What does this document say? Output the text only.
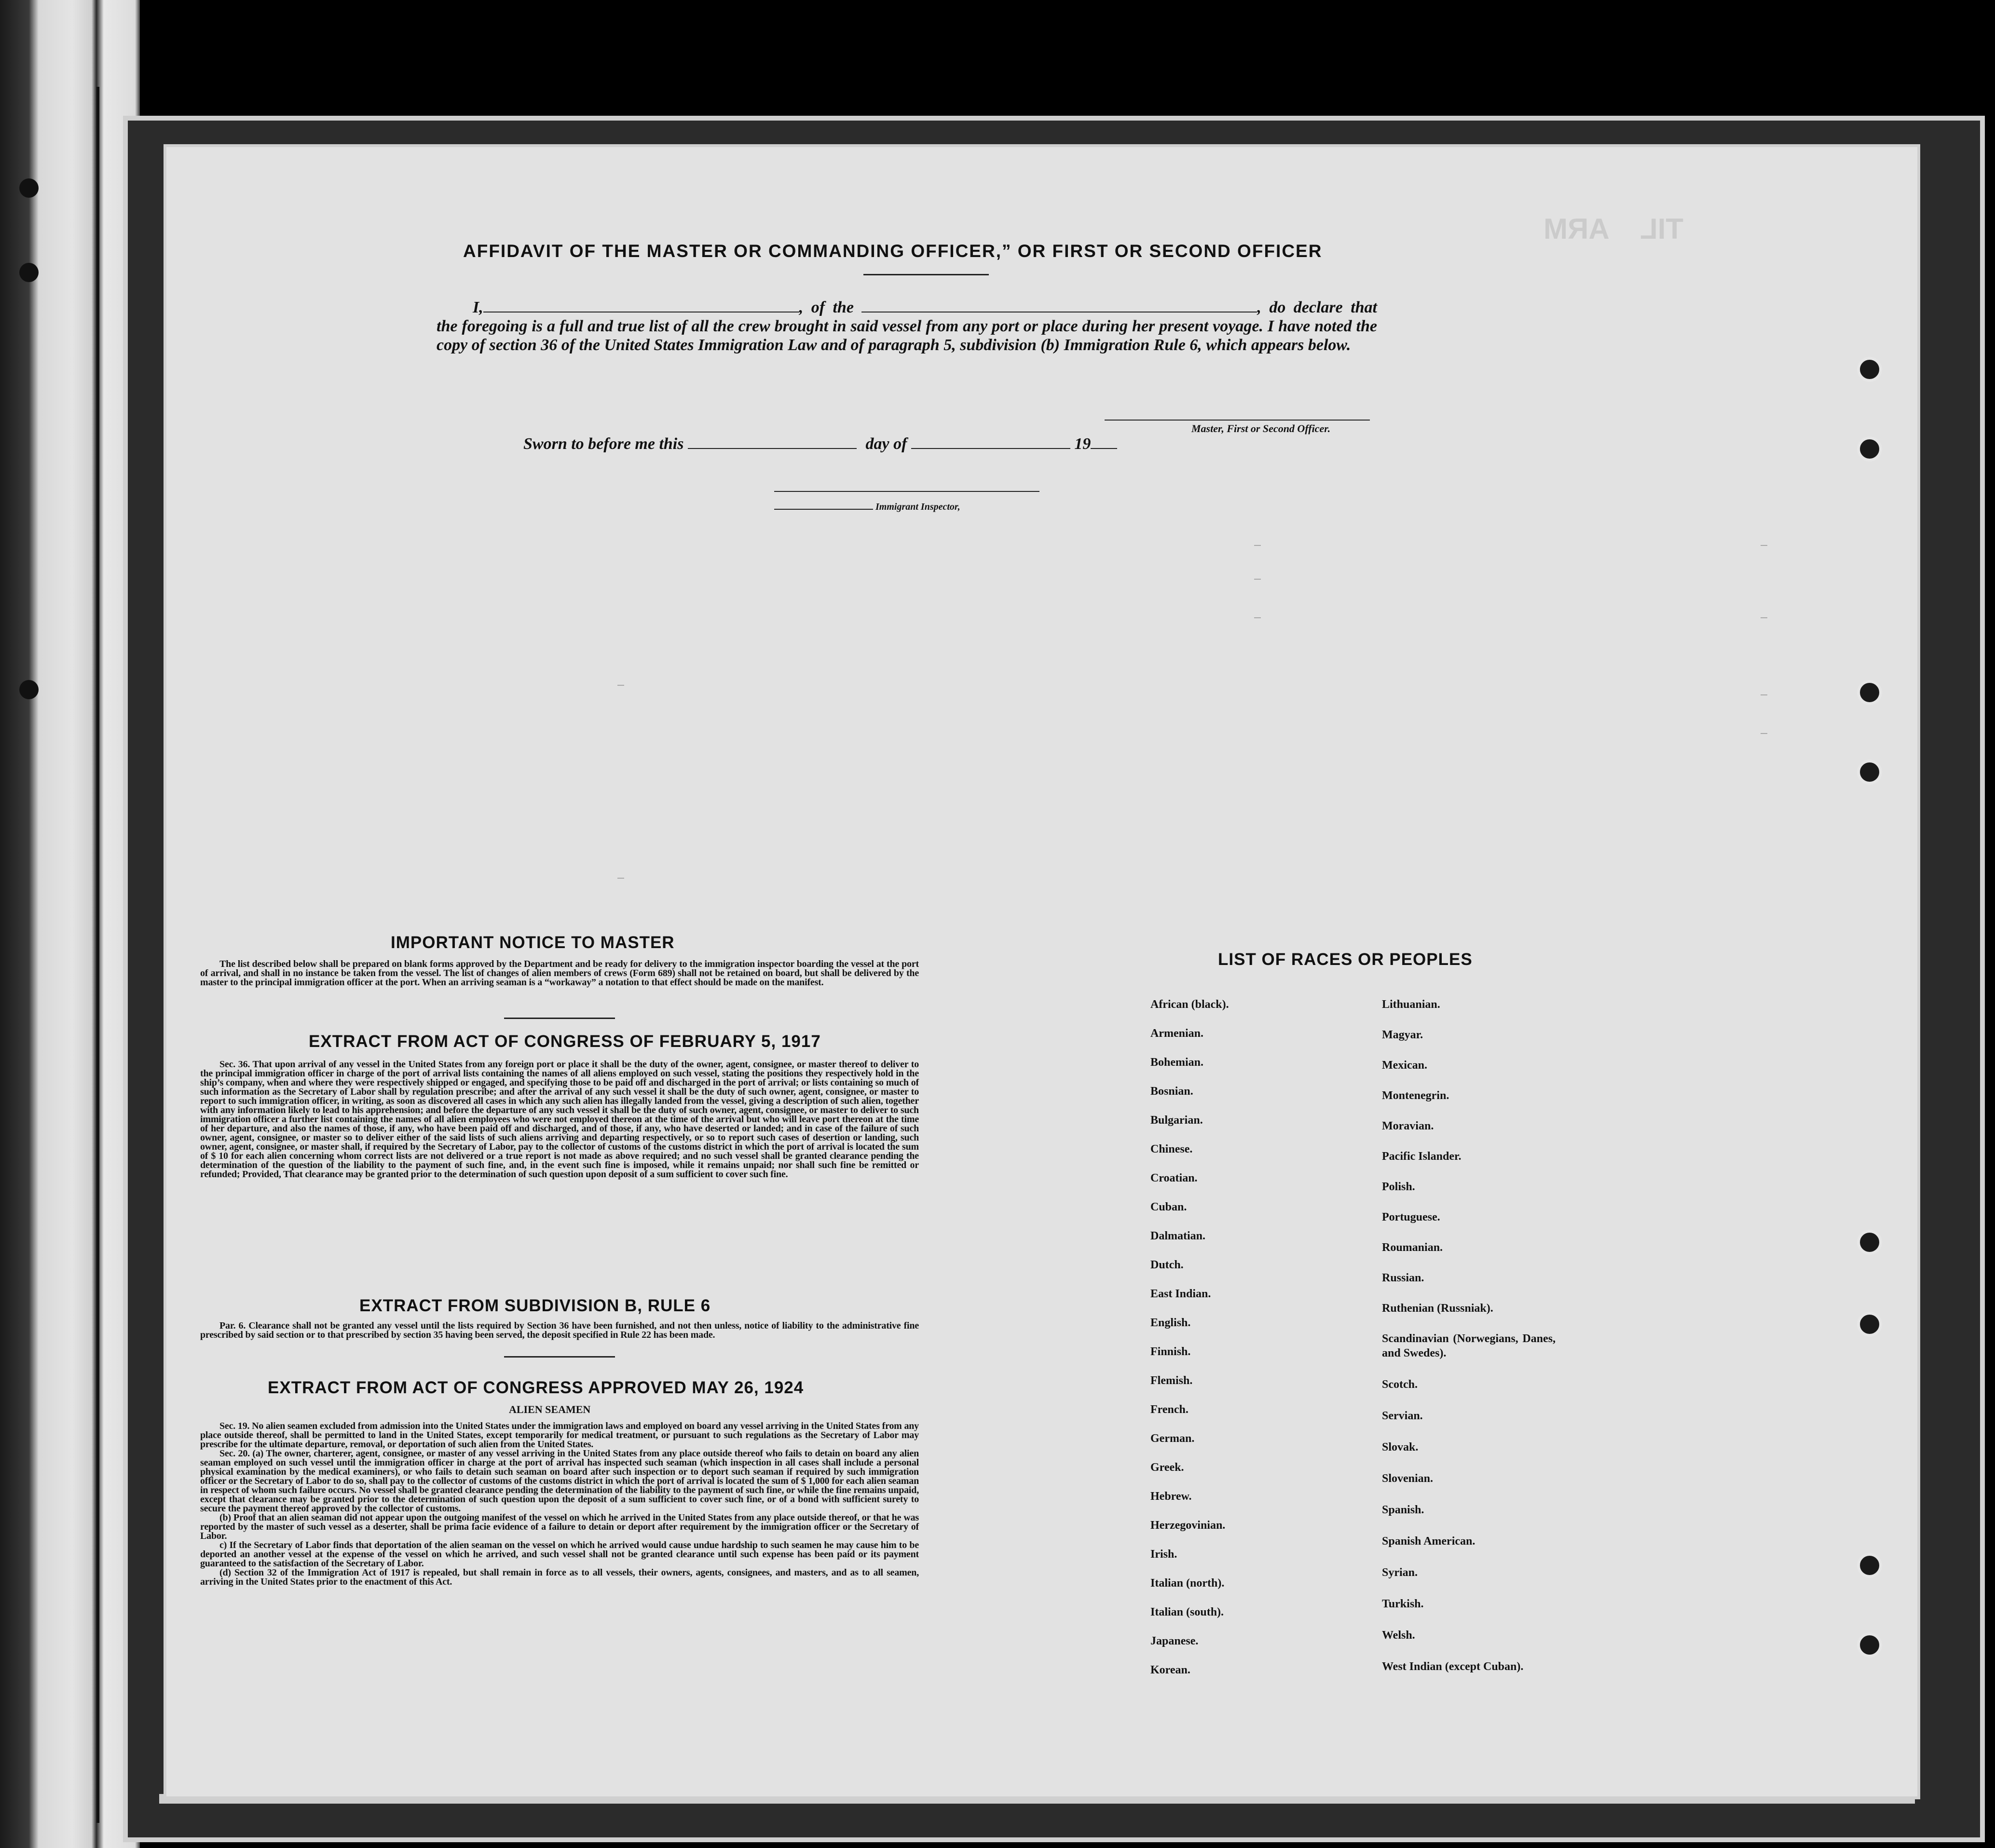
ARM TIL
AFFIDAVIT OF THE MASTER OR COMMANDING OFFICER,” OR FIRST OR SECOND OFFICER
I,	, of the	, do declare that the foregoing is a full and true list of all the crew brought in said vessel from any port or place during her present voyage. I have noted the copy of section 36 of the United States Immigration Law and of paragraph 5, subdivision (b) Immigration Rule 6, which appears below.
Master, First or Second Officer.
Sworn to before me this	day of	19
Immigrant Inspector,
IMPORTANT NOTICE TO MASTER

The list described below shall be prepared on blank forms approved by the Department and be ready for delivery to the immigration inspector boarding the vessel at the port of arrival, and shall in no instance be taken from the vessel. The list of changes of alien members of crews (Form 689) shall not be retained on board, but shall be delivered by the master to the principal immigration officer at the port. When an arriving seaman is a “workaway” a notation to that effect should be made on the manifest.

EXTRACT FROM ACT OF CONGRESS OF FEBRUARY 5, 1917

Sec. 36. That upon arrival of any vessel in the United States from any foreign port or place it shall be the duty of the owner, agent, consignee, or master thereof to deliver to the principal immigration officer in charge of the port of arrival lists containing the names of all aliens employed on such vessel, stating the positions they respectively hold in the ship’s company, when and where they were respectively shipped or engaged, and specifying those to be paid off and discharged in the port of arrival; or lists containing so much of such information as the Secretary of Labor shall by regulation prescribe; and after the arrival of any such vessel it shall be the duty of such owner, agent, consignee, or master to report to such immigration officer, in writing, as soon as discovered all cases in which any such alien has illegally landed from the vessel, giving a description of such alien, together with any information likely to lead to his apprehension; and before the departure of any such vessel it shall be the duty of such owner, agent, consignee, or master to deliver to such immigration officer a further list containing the names of all alien employees who were not employed thereon at the time of the arrival but who will leave port thereon at the time of her departure, and also the names of those, if any, who have been paid off and discharged, and of those, if any, who have deserted or landed; and in case of the failure of such owner, agent, consignee, or master so to deliver either of the said lists of such aliens arriving and departing respectively, or so to report such cases of desertion or landing, such owner, agent, consignee, or master shall, if required by the Secretary of Labor, pay to the collector of customs of the customs district in which the port of arrival is located the sum of $ 10 for each alien concerning whom correct lists are not delivered or a true report is not made as above required; and no such vessel shall be granted clearance pending the determination of the question of the liability to the payment of such fine, and, in the event such fine is imposed, while it remains unpaid; nor shall such fine be remitted or refunded; Provided, That clearance may be granted prior to the determination of such question upon deposit of a sum sufficient to cover such fine.

EXTRACT FROM SUBDIVISION B, RULE 6

Par. 6. Clearance shall not be granted any vessel until the lists required by Section 36 have been furnished, and not then unless, notice of liability to the administrative fine prescribed by said section or to that prescribed by section 35 having been served, the deposit specified in Rule 22 has been made.

EXTRACT FROM ACT OF CONGRESS APPROVED MAY 26, 1924
ALIEN SEAMEN

Sec. 19. No alien seamen excluded from admission into the United States under the immigration laws and employed on board any vessel arriving in the United States from any place outside thereof, shall be permitted to land in the United States, except temporarily for medical treatment, or pursuant to such regulations as the Secretary of Labor may prescribe for the ultimate departure, removal, or deportation of such alien from the United States.

Sec. 20. (a) The owner, charterer, agent, consignee, or master of any vessel arriving in the United States from any place outside thereof who fails to detain on board any alien seaman employed on such vessel until the immigration officer in charge at the port of arrival has inspected such seaman (which inspection in all cases shall include a personal physical examination by the medical examiners), or who fails to detain such seaman on board after such inspection or to deport such seaman if required by such immigration officer or the Secretary of Labor to do so, shall pay to the collector of customs of the customs district in which the port of arrival is located the sum of $ 1,000 for each alien seaman in respect of whom such failure occurs. No vessel shall be granted clearance pending the determination of the liability to the payment of such fine, or while the fine remains unpaid, except that clearance may be granted prior to the determination of such question upon the deposit of a sum sufficient to cover such fine, or of a bond with sufficient surety to secure the payment thereof approved by the collector of customs.

(b) Proof that an alien seaman did not appear upon the outgoing manifest of the vessel on which he arrived in the United States from any place outside thereof, or that he was reported by the master of such vessel as a deserter, shall be prima facie evidence of a failure to detain or deport after requirement by the immigration officer or the Secretary of Labor.

c) If the Secretary of Labor finds that deportation of the alien seaman on the vessel on which he arrived would cause undue hardship to such seamen he may cause him to be deported an another vessel at the expense of the vessel on which he arrived, and such vessel shall not be granted clearance until such expense has been paid or its payment guaranteed to the satisfaction of the Secretary of Labor.

(d) Section 32 of the Immigration Act of 1917 is repealed, but shall remain in force as to all vessels, their owners, agents, consignees, and masters, and as to all seamen, arriving in the United States prior to the enactment of this Act.

LIST OF RACES OR PEOPLES
African (black).
Armenian.
Bohemian.
Bosnian.
Bulgarian.
Chinese.
Croatian.
Cuban.
Dalmatian.
Dutch.
East Indian.
English.
Finnish.
Flemish.
French.
German.
Greek.
Hebrew.
Herzegovinian.
Irish.
Italian (north).
Italian (south).
Japanese.
Korean.
Lithuanian.
Magyar.
Mexican.
Montenegrin.
Moravian.
Pacific Islander.
Polish.
Portuguese.
Roumanian.
Russian.
Ruthenian (Russniak).
Scandinavian (Norwegians, Danes, and Swedes).
Scotch.
Servian.
Slovak.
Slovenian.
Spanish.
Spanish American.
Syrian.
Turkish.
Welsh.
West Indian (except Cuban).
